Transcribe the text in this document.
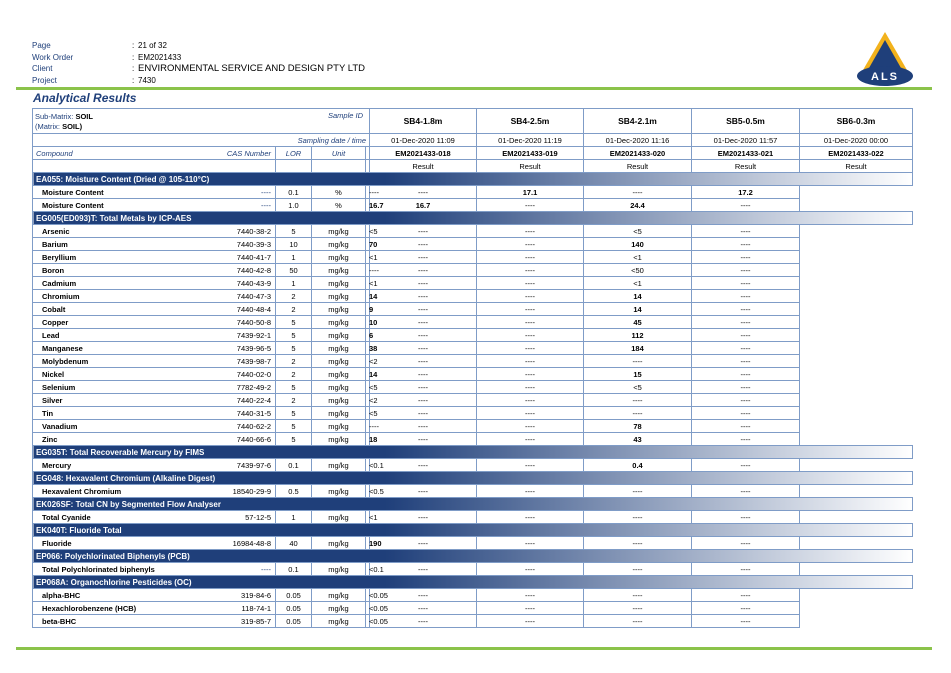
Page	: 21 of 32
Work Order	: EM2021433
Client	: ENVIRONMENTAL SERVICE AND DESIGN PTY LTD
Project	: 7430	ALS
Analytical Results
Sub-Matrix: SOIL
(Matrix: SOIL)
Sample ID				SB4-1.8m	SB4-2.5m	SB4-2.1m	SB5-0.5m	SB6-0.3m
Sampling date / time				01-Dec-2020 11:09	01-Dec-2020 11:19	01-Dec-2020 11:16	01-Dec-2020 11:57	01-Dec-2020 00:00
Compound CAS Number	LOR	Unit		EM2021433-018	EM2021433-019	EM2021433-020	EM2021433-021	EM2021433-022
				Result	Result	Result	Result	Result
EA055: Moisture Content (Dried @ 105-110°C)								
Moisture Content ----	0.1	%	----	----	17.1	----	17.2	
Moisture Content ----	1.0	%	16.7	16.7	----	24.4	----	
EG005(ED093)T: Total Metals by ICP-AES								
Arsenic 7440-38-2	5	mg/kg	<5	----	----	<5	----	
Barium 7440-39-3	10	mg/kg	70	----	----	140	----	
Beryllium 7440-41-7	1	mg/kg	<1	----	----	<1	----	
Boron 7440-42-8	50	mg/kg	----	----	----	<50	----	
Cadmium 7440-43-9	1	mg/kg	<1	----	----	<1	----	
Chromium 7440-47-3	2	mg/kg	14	----	----	14	----	
Cobalt 7440-48-4	2	mg/kg	9	----	----	14	----	
Copper 7440-50-8	5	mg/kg	10	----	----	45	----	
Lead 7439-92-1	5	mg/kg	6	----	----	112	----	
Manganese 7439-96-5	5	mg/kg	38	----	----	184	----	
Molybdenum 7439-98-7	2	mg/kg	<2	----	----	----	----	
Nickel 7440-02-0	2	mg/kg	14	----	----	15	----	
Selenium 7782-49-2	5	mg/kg	<5	----	----	<5	----	
Silver 7440-22-4	2	mg/kg	<2	----	----	----	----	
Tin 7440-31-5	5	mg/kg	<5	----	----	----	----	
Vanadium 7440-62-2	5	mg/kg	----	----	----	78	----	
Zinc 7440-66-6	5	mg/kg	18	----	----	43	----	
EG035T: Total Recoverable Mercury by FIMS								
Mercury 7439-97-6	0.1	mg/kg	<0.1	----	----	0.4	----	
EG048: Hexavalent Chromium (Alkaline Digest)								
Hexavalent Chromium 18540-29-9	0.5	mg/kg	<0.5	----	----	----	----	
EK026SF: Total CN by Segmented Flow Analyser								
Total Cyanide 57-12-5	1	mg/kg	<1	----	----	----	----	
EK040T: Fluoride Total								
Fluoride 16984-48-8	40	mg/kg	190	----	----	----	----	
EP066: Polychlorinated Biphenyls (PCB)								
Total Polychlorinated biphenyls ----	0.1	mg/kg	<0.1	----	----	----	----	
EP068A: Organochlorine Pesticides (OC)								
alpha-BHC 319-84-6	0.05	mg/kg	<0.05	----	----	----	----	
Hexachlorobenzene (HCB) 118-74-1	0.05	mg/kg	<0.05	----	----	----	----	
beta-BHC 319-85-7	0.05	mg/kg	<0.05	----	----	----	----	
